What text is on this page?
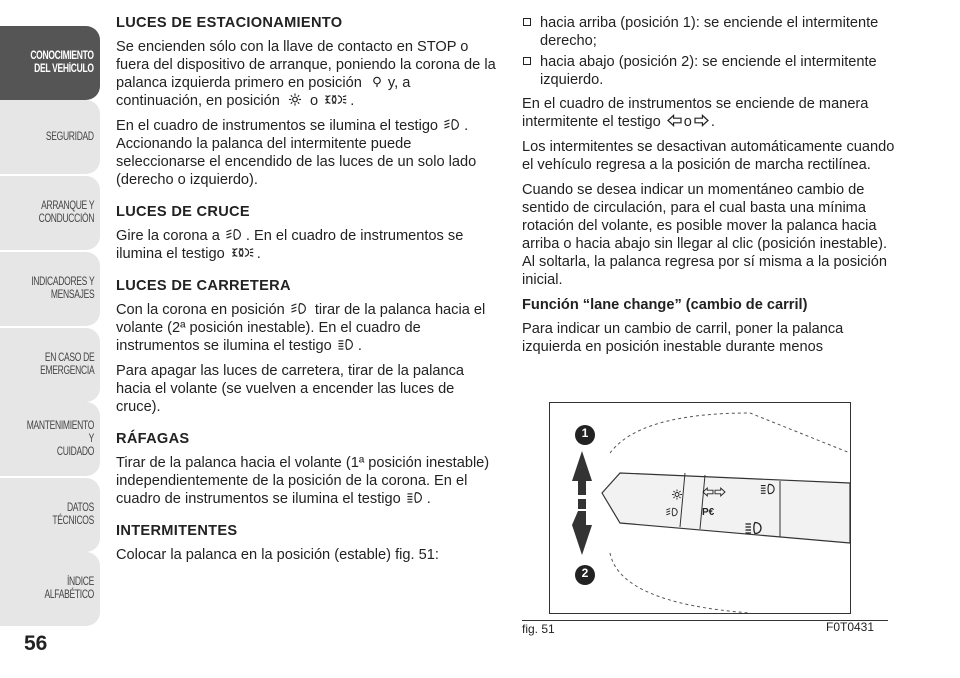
CONOCIMIENTO
DEL VEHÍCULO
SEGURIDAD
ARRANQUE Y
CONDUCCIÓN
INDICADORES Y
MENSAJES
EN CASO DE
EMERGENCIA
MANTENIMIENTO Y
CUIDADO
DATOS TÉCNICOS
ÍNDICE ALFABÉTICO
56
LUCES DE ESTACIONAMIENTO

Se encienden sólo con la llave de contacto en STOP o fuera del dispositivo de arranque, poniendo la corona de la palanca izquierda primero en posición y, a continuación, en posición o .

En el cuadro de instrumentos se ilumina el testigo . Accionando la palanca del intermitente puede seleccionarse el encendido de las luces de un solo lado (derecho o izquierdo).

LUCES DE CRUCE

Gire la corona a . En el cuadro de instrumentos se ilumina el testigo .

LUCES DE CARRETERA

Con la corona en posición tirar de la palanca hacia el volante (2ª posición inestable). En el cuadro de instrumentos se ilumina el testigo .

Para apagar las luces de carretera, tirar de la palanca hacia el volante (se vuelven a encender las luces de cruce).

RÁFAGAS

Tirar de la palanca hacia el volante (1ª posición inestable) independientemente de la posición de la corona. En el cuadro de instrumentos se ilumina el testigo .

INTERMITENTES

Colocar la palanca en la posición (estable) fig. 51:

hacia arriba (posición 1): se enciende el intermitente derecho;
hacia abajo (posición 2): se enciende el intermitente izquierdo.

En el cuadro de instrumentos se enciende de manera intermitente el testigo o .

Los intermitentes se desactivan automáticamente cuando el vehículo regresa a la posición de marcha rectilínea.

Cuando se desea indicar un momentáneo cambio de sentido de circulación, para el cual basta una mínima rotación del volante, es posible mover la palanca hacia arriba o hacia abajo sin llegar al clic (posición inestable). Al soltarla, la palanca regresa por sí misma a la posición inicial.

Función “lane change” (cambio de carril)

Para indicar un cambio de carril, poner la palanca izquierda en posición inestable durante menos

1
2
P€
fig. 51	F0T0431
